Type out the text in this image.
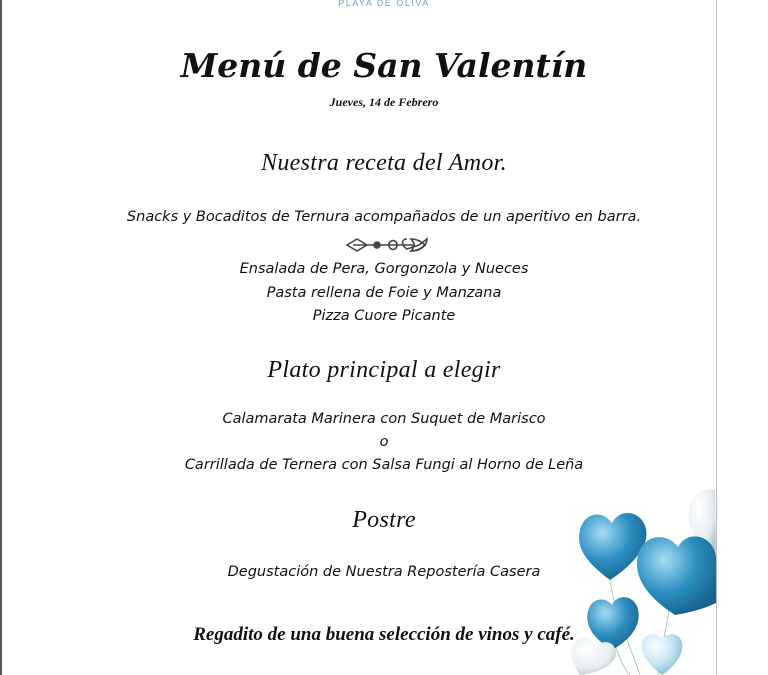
PLAYA DE OLIVA
Menú de San Valentín
Jueves, 14 de Febrero
Nuestra receta del Amor.
Snacks y Bocaditos de Ternura acompañados de un aperitivo en barra.
Ensalada de Pera, Gorgonzola y Nueces
Pasta rellena de Foie y Manzana
Pizza Cuore Picante
Plato principal a elegir
Calamarata Marinera con Suquet de Marisco
o
Carrillada de Ternera con Salsa Fungi al Horno de Leña
Postre
Degustación de Nuestra Repostería Casera
Regadito de una buena selección de vinos y café.
